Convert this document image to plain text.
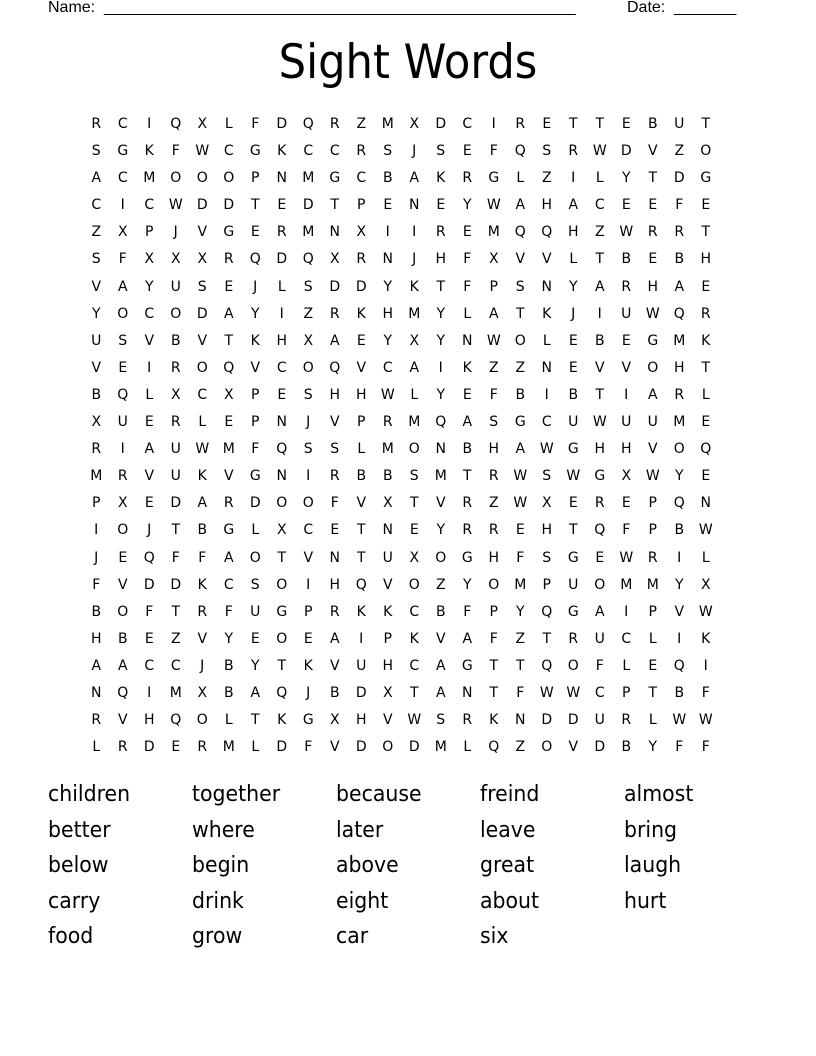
Name: _____________________________________________________	Date: _______
Sight Words
R	C	I	Q	X	L	F	D	Q	R	Z	M	X	D	C	I	R	E	T	T	E	B	U	T
S	G	K	F	W	C	G	K	C	C	R	S	J	S	E	F	Q	S	R	W	D	V	Z	O
A	C	M	O	O	O	P	N	M	G	C	B	A	K	R	G	L	Z	I	L	Y	T	D	G
C	I	C	W	D	D	T	E	D	T	P	E	N	E	Y	W	A	H	A	C	E	E	F	E
Z	X	P	J	V	G	E	R	M	N	X	I	I	R	E	M	Q	Q	H	Z	W	R	R	T
S	F	X	X	X	R	Q	D	Q	X	R	N	J	H	F	X	V	V	L	T	B	E	B	H
V	A	Y	U	S	E	J	L	S	D	D	Y	K	T	F	P	S	N	Y	A	R	H	A	E
Y	O	C	O	D	A	Y	I	Z	R	K	H	M	Y	L	A	T	K	J	I	U	W	Q	R
U	S	V	B	V	T	K	H	X	A	E	Y	X	Y	N	W	O	L	E	B	E	G	M	K
V	E	I	R	O	Q	V	C	O	Q	V	C	A	I	K	Z	Z	N	E	V	V	O	H	T
B	Q	L	X	C	X	P	E	S	H	H	W	L	Y	E	F	B	I	B	T	I	A	R	L
X	U	E	R	L	E	P	N	J	V	P	R	M	Q	A	S	G	C	U	W	U	U	M	E
R	I	A	U	W M	F	Q	S	S	L	M	O	N	B	H	A	W	G	H	H	V	O	Q
M	R	V	U	K	V	G	N	I	R	B	B	S	M	T	R	W	S	W	G	X	W	Y	E
P	X	E	D	A	R	D	O	O	F	V	X	T	V	R	Z	W	X	E	R	E	P	Q	N
I	O	J	T	B	G	L	X	C	E	T	N	E	Y	R	R	E	H	T	Q	F	P	B	W
J	E	Q	F	F	A	O	T	V	N	T	U	X	O	G	H	F	S	G	E	W	R	I	L
F	V	D	D	K	C	S	O	I	H	Q	V	O	Z	Y	O	M	P	U	O	M	M	Y	X
B	O	F	T	R	F	U	G	P	R	K	K	C	B	F	P	Y	Q	G	A	I	P	V	W
H	B	E	Z	V	Y	E	O	E	A	I	P	K	V	A	F	Z	T	R	U	C	L	I	K
A	A	C	C	J	B	Y	T	K	V	U	H	C	A	G	T	T	Q	O	F	L	E	Q	I
N	Q	I	M	X	B	A	Q	J	B	D	X	T	A	N	T	F	W W	C	P	T	B	F
R	V	H	Q	O	L	T	K	G	X	H	V	W	S	R	K	N	D	D	U	R	L	W W
L	R	D	E	R	M	L	D	F	V	D	O	D	M	L	Q	Z	O	V	D	B	Y	F	F
children	together	because	freind	almost
better	where	later	leave	bring
below	begin	above	great	laugh
carry	drink	eight	about	hurt
food	grow	car	six
